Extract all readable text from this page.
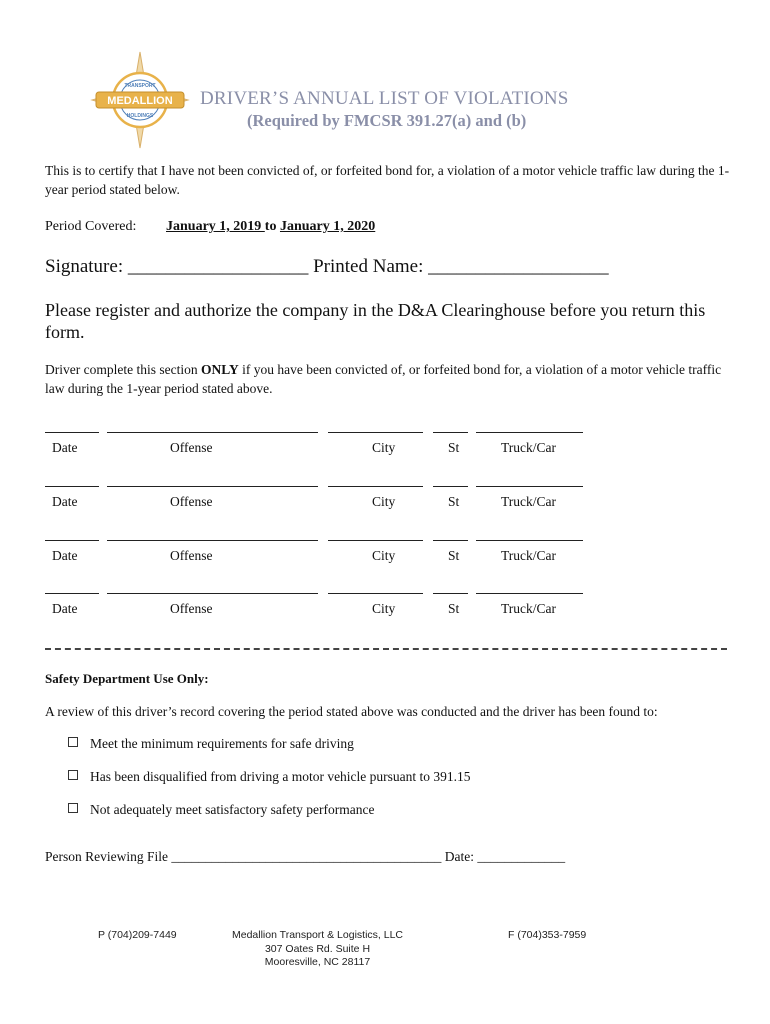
MEDALLION
TRANSPORT
HOLDINGS
DRIVER’S ANNUAL LIST OF VIOLATIONS
(Required by FMCSR 391.27(a) and (b)
This is to certify that I have not been convicted of, or forfeited bond for, a violation of a motor vehicle traffic law during the 1-year period stated below.
Period Covered: January 1, 2019 to January 1, 2020
Signature: ___________________ Printed Name: ___________________
Please register and authorize the company in the D&A Clearinghouse before you return this form.
Driver complete this section ONLY if you have been convicted of, or forfeited bond for, a violation of a motor vehicle traffic law during the 1-year period stated above.
Date	Offense	City	St	Truck/Car
Date	Offense	City	St	Truck/Car
Date	Offense	City	St	Truck/Car
Date	Offense	City	St	Truck/Car
Safety Department Use Only:
A review of this driver’s record covering the period stated above was conducted and the driver has been found to:
Meet the minimum requirements for safe driving
Has been disqualified from driving a motor vehicle pursuant to 391.15
Not adequately meet satisfactory safety performance
Person Reviewing File ________________________________________ Date: _____________
P (704)209-7449	Medallion Transport & Logistics, LLC
307 Oates Rd. Suite H
Mooresville, NC 28117
F (704)353-7959
